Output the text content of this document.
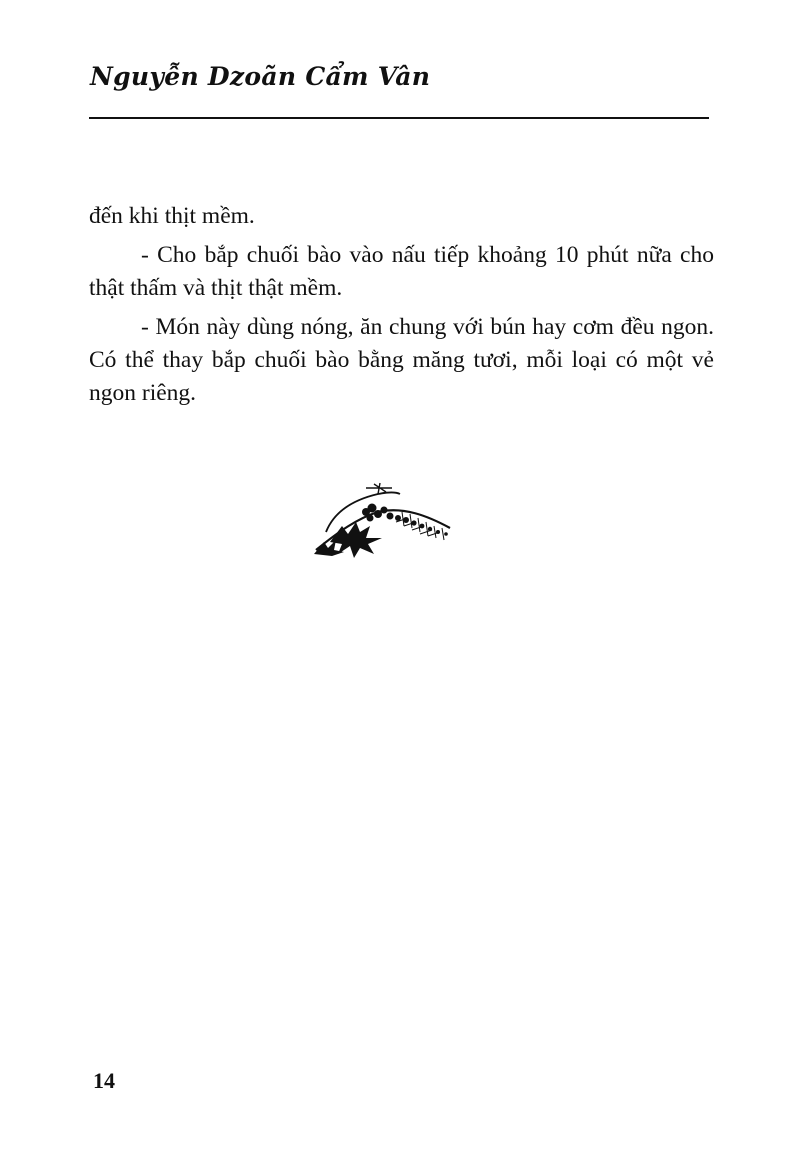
Nguyễn Dzoãn Cẩm Vân

đến khi thịt mềm.

- Cho bắp chuối bào vào nấu tiếp khoảng 10 phút nữa cho thật thấm và thịt thật mềm.

- Món này dùng nóng, ăn chung với bún hay cơm đều ngon. Có thể thay bắp chuối bào bằng măng tươi, mỗi loại có một vẻ ngon riêng.

14
